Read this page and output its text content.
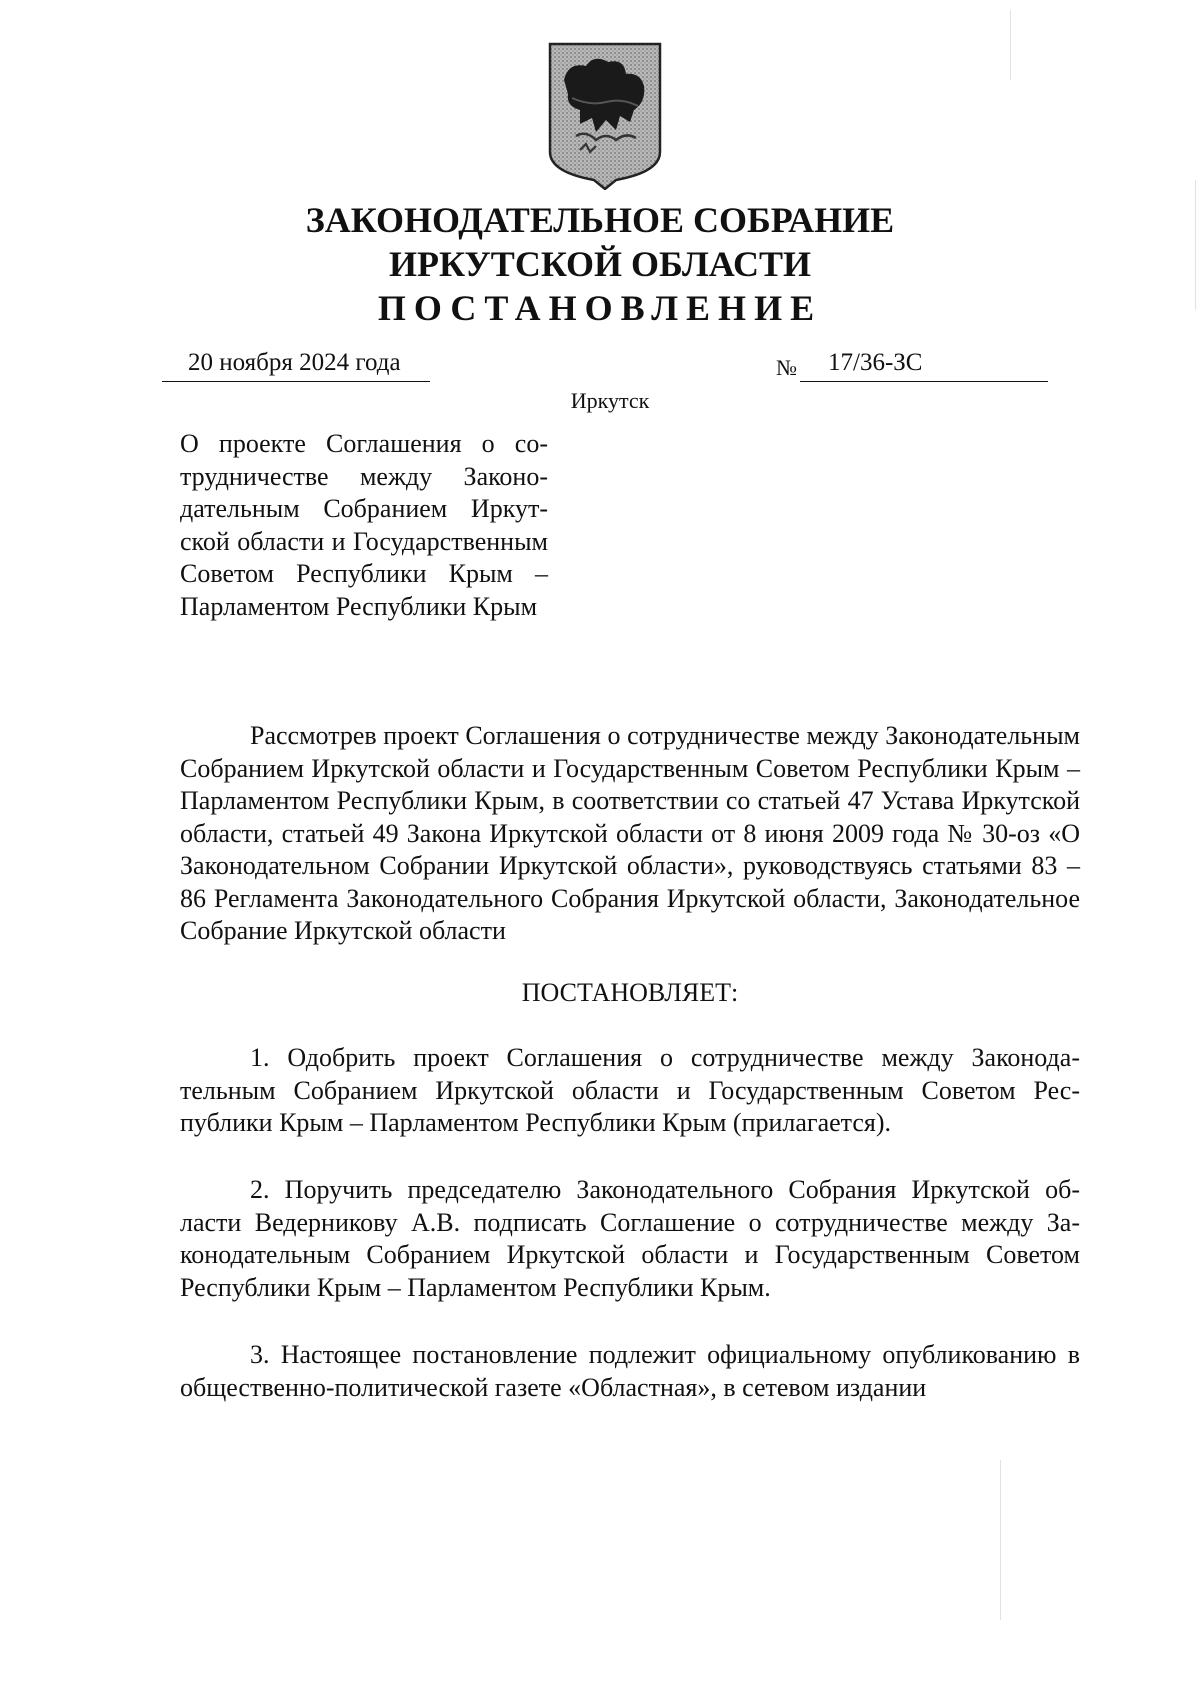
ЗАКОНОДАТЕЛЬНОЕ СОБРАНИЕ
ИРКУТСКОЙ ОБЛАСТИ
ПОСТАНОВЛЕНИЕ
20 ноября 2024 года	№	17/36-ЗС
Иркутск
О проекте Соглашения о сотрудничестве между Законодательным Собранием Иркутской области и Государственным Советом Республики Крым – Парламентом Республики Крым

Рассмотрев проект Соглашения о сотрудничестве между Законодательным Собранием Иркутской области и Государственным Советом Республики Крым – Парламентом Республики Крым, в соответствии со статьей 47 Устава Иркутской области, статьей 49 Закона Иркутской области от 8 июня 2009 года № 30-оз «О Законодательном Собрании Иркутской области», руководствуясь статьями 83 – 86 Регламента Законодательного Собрания Иркутской области, Законодательное Собрание Иркутской области

ПОСТАНОВЛЯЕТ:

1. Одобрить проект Соглашения о сотрудничестве между Законодательным Собранием Иркутской области и Государственным Советом Республики Крым – Парламентом Республики Крым (прилагается).

2. Поручить председателю Законодательного Собрания Иркутской области Ведерникову А.В. подписать Соглашение о сотрудничестве между Законодательным Собранием Иркутской области и Государственным Советом Республики Крым – Парламентом Республики Крым.

3. Настоящее постановление подлежит официальному опубликованию в общественно-политической газете «Областная», в сетевом издании
